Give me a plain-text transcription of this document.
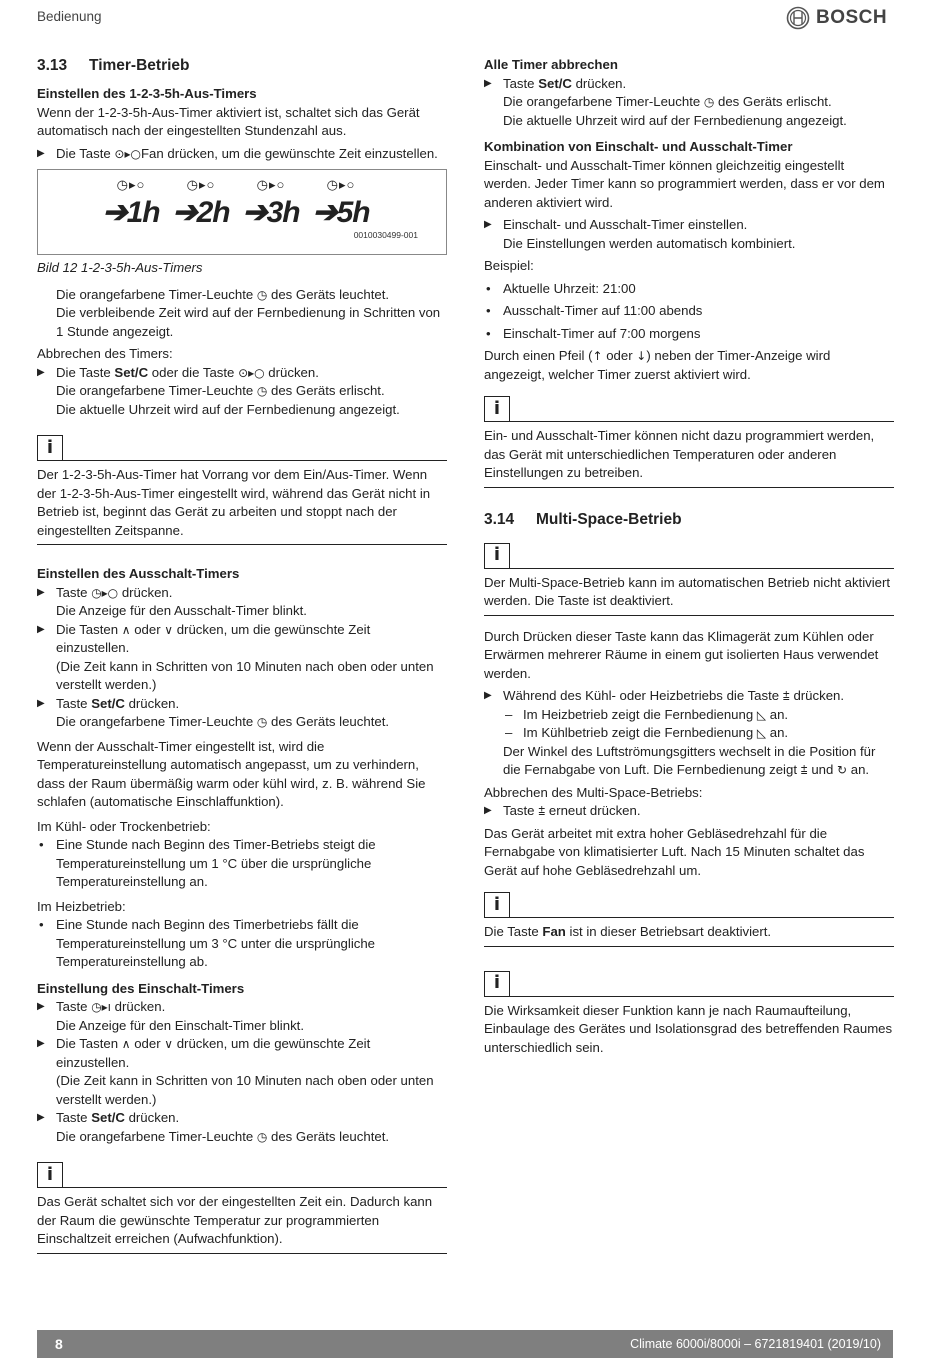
Bedienung	BOSCH
3.13 Timer-Betrieb

Einstellen des 1-2-3-5h-Aus-Timers

Wenn der 1-2-3-5h-Aus-Timer aktiviert ist, schaltet sich das Gerät automatisch nach der eingestellten Stundenzahl aus.

▶ Die Taste ⊙▸○Fan drücken, um die gewünschte Zeit einzustellen.

◷▸○
➔1h
◷▸○
➔2h
◷▸○
➔3h
◷▸○
➔5h
0010030499-001

Bild 12 1-2-3-5h-Aus-Timers

Die orangefarbene Timer-Leuchte ◷ des Geräts leuchtet.

Die verbleibende Zeit wird auf der Fernbedienung in Schritten von 1 Stunde angezeigt.

Abbrechen des Timers:

▶ Die Taste Set/C oder die Taste ⊙▸○ drücken.

Die orangefarbene Timer-Leuchte ◷ des Geräts erlischt.

Die aktuelle Uhrzeit wird auf der Fernbedienung angezeigt.

i
Der 1-2-3-5h-Aus-Timer hat Vorrang vor dem Ein/Aus-Timer. Wenn der 1-2-3-5h-Aus-Timer eingestellt wird, während das Gerät nicht in Betrieb ist, beginnt das Gerät zu arbeiten und stoppt nach der eingestellten Zeitspanne.

Einstellen des Ausschalt-Timers

▶ Taste ◷▸○ drücken.

Die Anzeige für den Ausschalt-Timer blinkt.

▶ Die Tasten ∧ oder ∨ drücken, um die gewünschte Zeit einzustellen.

(Die Zeit kann in Schritten von 10 Minuten nach oben oder unten verstellt werden.)

▶ Taste Set/C drücken.

Die orangefarbene Timer-Leuchte ◷ des Geräts leuchtet.

Wenn der Ausschalt-Timer eingestellt ist, wird die Temperatureinstellung automatisch angepasst, um zu verhindern, dass der Raum übermäßig warm oder kühl wird, z. B. während Sie schlafen (automatische Einschlaffunktion).

Im Kühl- oder Trockenbetrieb:

• Eine Stunde nach Beginn des Timer-Betriebs steigt die Temperatureinstellung um 1 °C über die ursprüngliche Temperatureinstellung an.

Im Heizbetrieb:

• Eine Stunde nach Beginn des Timerbetriebs fällt die Temperatureinstellung um 3 °C unter die ursprüngliche Temperatureinstellung ab.

Einstellung des Einschalt-Timers

▶ Taste ◷▸ı drücken.

Die Anzeige für den Einschalt-Timer blinkt.

▶ Die Tasten ∧ oder ∨ drücken, um die gewünschte Zeit einzustellen.

(Die Zeit kann in Schritten von 10 Minuten nach oben oder unten verstellt werden.)

▶ Taste Set/C drücken.

Die orangefarbene Timer-Leuchte ◷ des Geräts leuchtet.

i
Das Gerät schaltet sich vor der eingestellten Zeit ein. Dadurch kann der Raum die gewünschte Temperatur zur programmierten Einschaltzeit erreichen (Aufwachfunktion).

Alle Timer abbrechen

▶ Taste Set/C drücken.

Die orangefarbene Timer-Leuchte ◷ des Geräts erlischt.

Die aktuelle Uhrzeit wird auf der Fernbedienung angezeigt.

Kombination von Einschalt- und Ausschalt-Timer

Einschalt- und Ausschalt-Timer können gleichzeitig eingestellt werden. Jeder Timer kann so programmiert werden, dass er vor dem anderen aktiviert wird.

▶ Einschalt- und Ausschalt-Timer einstellen.

Die Einstellungen werden automatisch kombiniert.

Beispiel:

• Aktuelle Uhrzeit: 21:00

• Ausschalt-Timer auf 11:00 abends

• Einschalt-Timer auf 7:00 morgens

Durch einen Pfeil (↑ oder ↓) neben der Timer-Anzeige wird angezeigt, welcher Timer zuerst aktiviert wird.

i
Ein- und Ausschalt-Timer können nicht dazu programmiert werden, das Gerät mit unterschiedlichen Temperaturen oder anderen Einstellungen zu betreiben.
3.14 Multi-Space-Betrieb
i
Der Multi-Space-Betrieb kann im automatischen Betrieb nicht aktiviert werden. Die Taste ist deaktiviert.

Durch Drücken dieser Taste kann das Klimagerät zum Kühlen oder Erwärmen mehrerer Räume in einem gut isolierten Haus verwendet werden.

▶ Während des Kühl- oder Heizbetriebs die Taste ⩲ drücken.

– Im Heizbetrieb zeigt die Fernbedienung ◺ an.

– Im Kühlbetrieb zeigt die Fernbedienung ◺ an.

Der Winkel des Luftströmungsgitters wechselt in die Position für die Fernabgabe von Luft. Die Fernbedienung zeigt ⩲ und ↻ an.

Abbrechen des Multi-Space-Betriebs:

▶ Taste ⩲ erneut drücken.

Das Gerät arbeitet mit extra hoher Gebläsedrehzahl für die Fernabgabe von klimatisierter Luft. Nach 15 Minuten schaltet das Gerät auf hohe Gebläsedrehzahl um.

i
Die Taste Fan ist in dieser Betriebsart deaktiviert.
i
Die Wirksamkeit dieser Funktion kann je nach Raumaufteilung, Einbaulage des Gerätes und Isolationsgrad des betreffenden Raumes unterschiedlich sein.
8	Climate 6000i/8000i – 6721819401 (2019/10)
